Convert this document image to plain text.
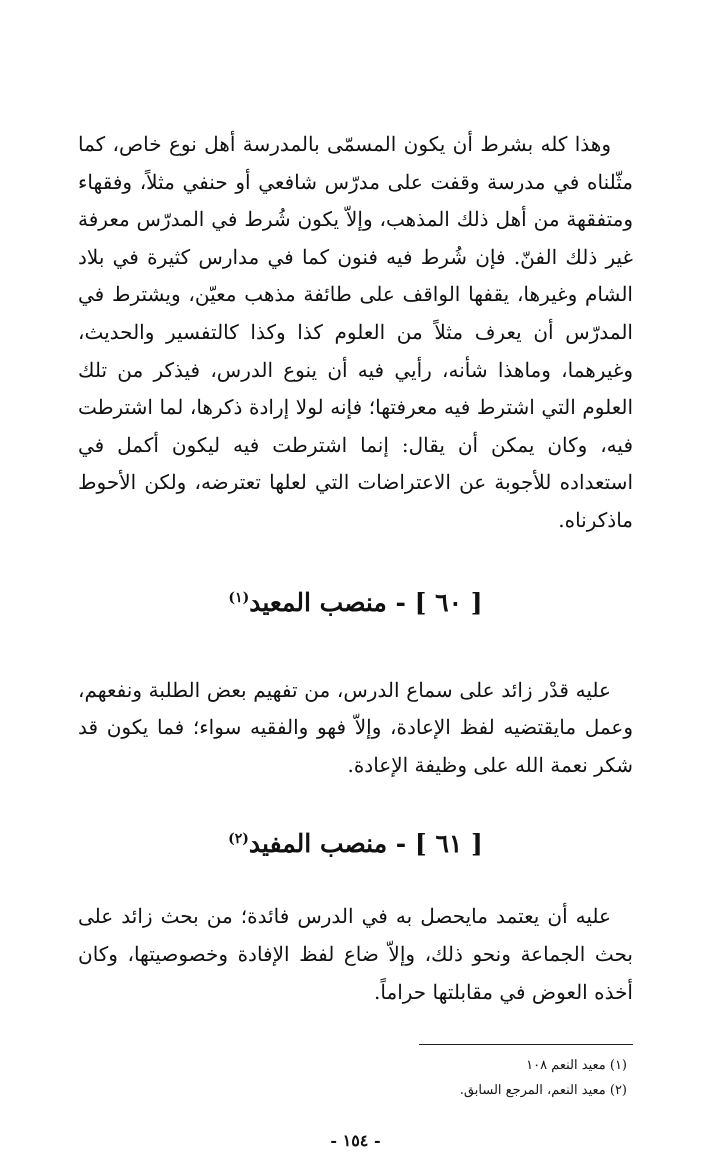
وهذا كله بشرط أن يكون المسمّى بالمدرسة أهل نوع خاص، كما مثّلناه في مدرسة وقفت على مدرّس شافعي أو حنفي مثلاً، وفقهاء ومتفقهة من أهل ذلك المذهب، وإلاّ يكون شُرط في المدرّس معرفة غير ذلك الفنّ. فإن شُرط فيه فنون كما في مدارس كثيرة في بلاد الشام وغيرها، يقفها الواقف على طائفة مذهب معيّن، ويشترط في المدرّس أن يعرف مثلاً من العلوم كذا وكذا كالتفسير والحديث، وغيرهما، وماهذا شأنه، رأيي فيه أن ينوع الدرس، فيذكر من تلك العلوم التي اشترط فيه معرفتها؛ فإنه لولا إرادة ذكرها، لما اشترطت فيه، وكان يمكن أن يقال: إنما اشترطت فيه ليكون أكمل في استعداده للأجوبة عن الاعتراضات التي لعلها تعترضه، ولكن الأحوط ماذكرناه.

[ ٦٠ ] - منصب المعيد$^{(١)}$

عليه قدْر زائد على سماع الدرس، من تفهيم بعض الطلبة ونفعهم، وعمل مايقتضيه لفظ الإعادة، وإلاّ فهو والفقيه سواء؛ فما يكون قد شكر نعمة الله على وظيفة الإعادة.

[ ٦١ ] - منصب المفيد$^{(٢)}$

عليه أن يعتمد مايحصل به في الدرس فائدة؛ من بحث زائد على بحث الجماعة ونحو ذلك، وإلاّ ضاع لفظ الإفادة وخصوصيتها، وكان أخذه العوض في مقابلتها حراماً.

(١) معيد النعم ١٠٨

(٢) معيد النعم، المرجع السابق.

- ١٥٤ -
